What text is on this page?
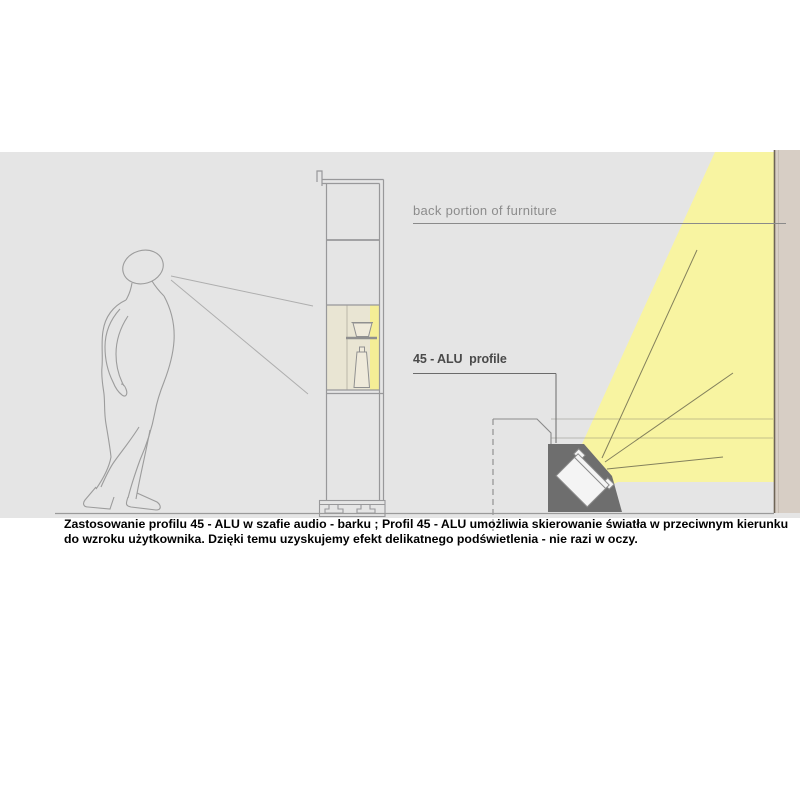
back portion of furniture
45 - ALU  profile
Zastosowanie profilu 45 - ALU w szafie audio - barku ; Profil 45 - ALU umożliwia skierowanie światła w przeciwnym kierunku
do wzroku użytkownika. Dzięki temu uzyskujemy efekt delikatnego podświetlenia - nie razi w oczy.
